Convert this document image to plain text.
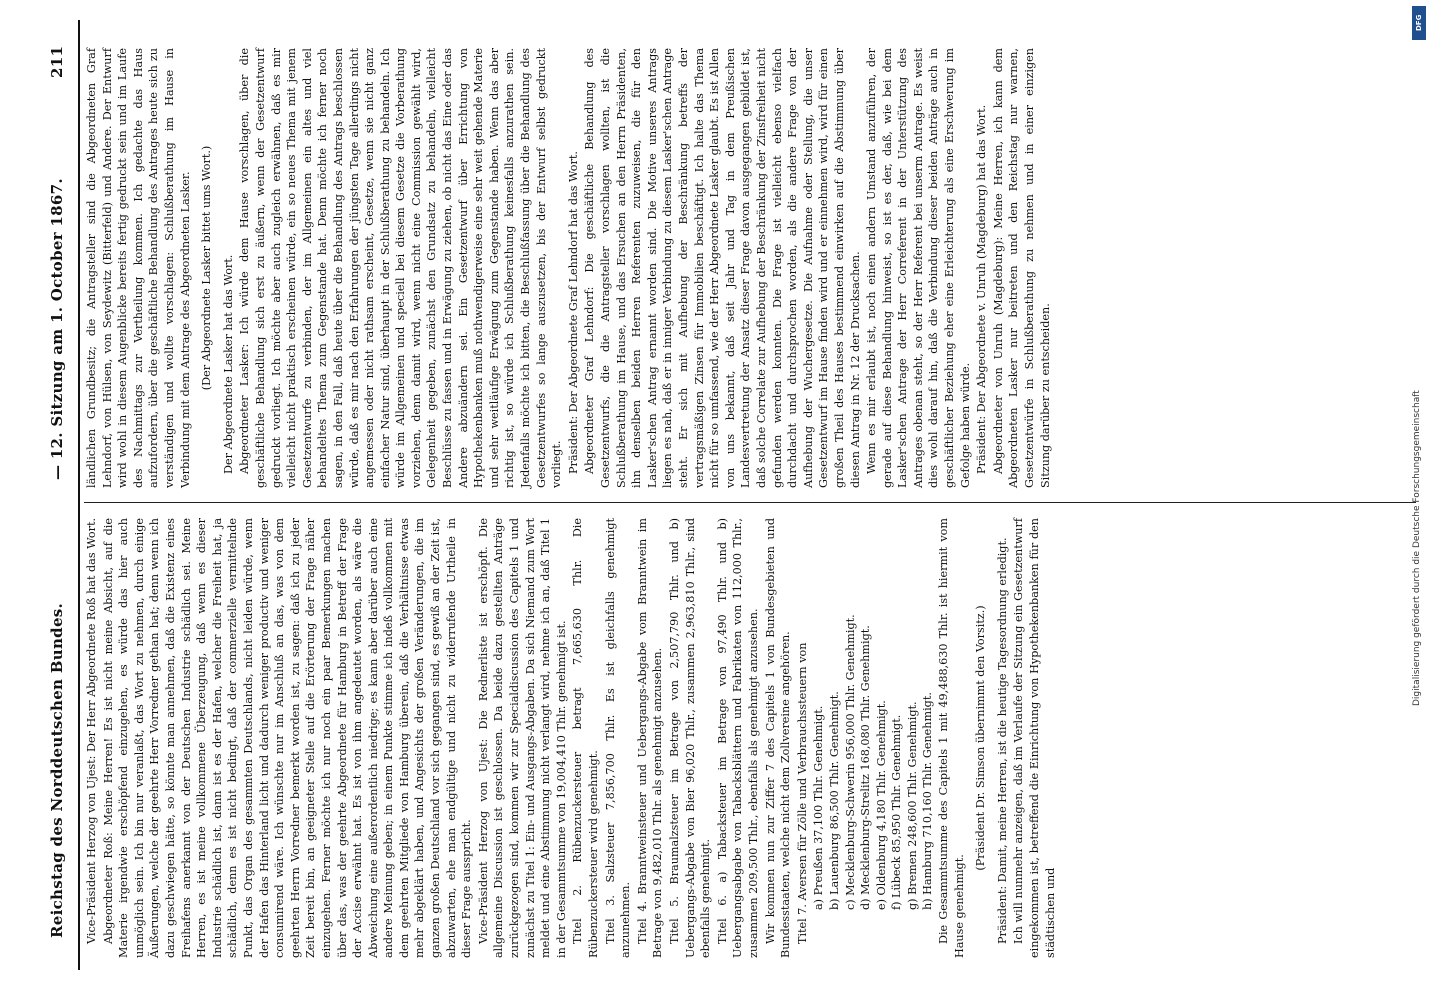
Reichstag des Norddeutschen Bundes.
— 12. Sitzung am 1. October 1867.
211

Vice-Präsident Herzog von Ujest: Der Herr Abgeordnete Roß hat das Wort. Abgeordneter Roß: Meine Herren! Es ist nicht meine Absicht, auf die Materie irgendwie erschöpfend einzugehen, es würde das hier auch unmöglich sein. Ich bin nur veranlaßt, das Wort zu nehmen, durch einige Äußerungen, welche der geehrte Herr Vorredner gethan hat; denn wenn ich dazu geschwiegen hätte, so könnte man annehmen, daß die Existenz eines Freihafens anerkannt von der Deutschen Industrie schädlich sei. Meine Herren, es ist meine vollkommene Überzeugung, daß wenn es dieser Industrie schädlich ist, dann ist es der Hafen, welcher die Freiheit hat, ja schädlich, denn es ist nicht bedingt, daß der commerzielle vermittelnde Punkt, das Organ des gesammten Deutschlands, nicht leiden würde, wenn der Hafen das Hinterland licht und dadurch weniger productiv und weniger consumirend wäre. Ich wünschte nur im Anschluß an das, was von dem geehrten Herrn Vorredner bemerkt worden ist, zu sagen: daß ich zu jeder Zeit bereit bin, an geeigneter Stelle auf die Erörterung der Frage näher einzugehen. Ferner möchte ich nur noch ein paar Bemerkungen machen über das, was der geehrte Abgeordnete für Hamburg in Betreff der Frage der Accise erwähnt hat. Es ist von ihm angedeutet worden, als wäre die Abweichung eine außerordentlich niedrige; es kann aber darüber auch eine andere Meinung geben; in einem Punkte stimme ich indeß vollkommen mit dem geehrten Mitgliede von Hamburg überein, daß die Verhältnisse etwas mehr abgeklärt haben, und Angesichts der großen Veränderungen, die im ganzen großen Deutschland vor sich gegangen sind, es gewiß an der Zeit ist, abzuwarten, ehe man endgültige und nicht zu widerrufende Urtheile in dieser Frage ausspricht. Vice-Präsident Herzog von Ujest: Die Rednerliste ist erschöpft. Die allgemeine Discussion ist geschlossen. Da beide dazu gestellten Anträge zurückgezogen sind, kommen wir zur Specialdiscussion des Capitels 1 und zunächst zu Titel 1: Ein- und Ausgangs-Abgaben. Da sich Niemand zum Wort meldet und eine Abstimmung nicht verlangt wird, nehme ich an, daß Titel 1 in der Gesammtsumme von 19,004,410 Thlr. genehmigt ist. Titel 2. Rübenzuckersteuer betragt 7,665,630 Thlr. Die Rübenzuckersteuer wird genehmigt. Titel 3. Salzsteuer 7,856,700 Thlr. Es ist gleichfalls genehmigt anzunehmen. Titel 4. Branntweinsteuer und Uebergangs-Abgabe vom Branntwein im Betrage von 9,482,010 Thlr. als genehmigt anzusehen. Titel 5. Braumalzsteuer im Betrage von 2,507,790 Thlr. und b) Uebergangs-Abgabe von Bier 96,020 Thlr., zusammen 2,963,810 Thlr., sind ebenfalls genehmigt. Titel 6. a) Tabacksteuer im Betrage von 97,490 Thlr. und b) Uebergangsabgabe von Tabacksblättern und Fabrikaten von 112,000 Thlr., zusammen 209,500 Thlr., ebenfalls als genehmigt anzusehen. Wir kommen nun zur Ziffer 7 des Capitels 1 von Bundesgebieten und Bundesstaaten, welche nicht dem Zollvereine angehören. Titel 7. Aversen für Zölle und Verbrauchssteuern von a) Preußen 37,100 Thlr. Genehmigt. b) Lauenburg 86,500 Thlr. Genehmigt. c) Mecklenburg-Schwerin 956,000 Thlr. Genehmigt. d) Mecklenburg-Strelitz 168,080 Thlr. Genehmigt. e) Oldenburg 4,180 Thlr. Genehmigt. f) Lübeck 85,950 Thlr. Genehmigt. g) Bremen 248,600 Thlr. Genehmigt. h) Hamburg 710,160 Thlr. Genehmigt. Die Gesammtsumme des Capitels 1 mit 49,488,630 Thlr. ist hiermit vom Hause genehmigt.

(Präsident Dr. Simson übernimmt den Vorsitz.) Präsident: Damit, meine Herren, ist die heutige Tagesordnung erledigt. Ich will nunmehr anzeigen, daß im Verlaufe der Sitzung ein Gesetzentwurf eingekommen ist, betreffend die Einrichtung von Hypothekenbanken für den städtischen und

ländlichen Grundbesitz; die Antragsteller sind die Abgeordneten Graf Lehndorf, von Hülsen, von Seydewitz (Bitterfeld) und Andere. Der Entwurf wird wohl in diesem Augenblicke bereits fertig gedruckt sein und im Laufe des Nachmittags zur Vertheilung kommen. Ich gedachte das Haus aufzufordern, über die geschäftliche Behandlung des Antrages heute sich zu verständigen und wollte vorschlagen: Schlußberathung im Hause in Verbindung mit dem Antrage des Abgeordneten Lasker. (Der Abgeordnete Lasker bittet ums Wort.) Der Abgeordnete Lasker hat das Wort. Abgeordneter Lasker: Ich würde dem Hause vorschlagen, über die geschäftliche Behandlung sich erst zu äußern, wenn der Gesetzentwurf gedruckt vorliegt. Ich möchte aber auch zugleich erwähnen, daß es mir vielleicht nicht praktisch erscheinen würde, ein so neues Thema mit jenem Gesetzentwurfe zu verbinden, der im Allgemeinen ein altes und viel behandeltes Thema zum Gegenstande hat. Denn möchte ich ferner noch sagen, in den Fall, daß heute über die Behandlung des Antrags beschlossen würde, daß es mir nach den Erfahrungen der jüngsten Tage allerdings nicht angemessen oder nicht rathsam erscheint, Gesetze, wenn sie nicht ganz einfacher Natur sind, überhaupt in der Schlußberathung zu behandeln. Ich würde im Allgemeinen und speciell bei diesem Gesetze die Vorberathung vorziehen, denn damit wird, wenn nicht eine Commission gewählt wird, Gelegenheit gegeben, zunächst den Grundsatz zu behandeln, vielleicht Beschlüsse zu fassen und in Erwägung zu ziehen, ob nicht das Eine oder das Andere abzuändern sei. Ein Gesetzentwurf über Errichtung von Hypothekenbanken muß nothwendigerweise eine sehr weit gehende Materie und sehr weitläufige Erwägung zum Gegenstande haben. Wenn das aber richtig ist, so würde ich Schlußberathung keinesfalls anzurathen sein. Jedenfalls möchte ich bitten, die Beschlußfassung über die Behandlung des Gesetzentwurfes so lange auszusetzen, bis der Entwurf selbst gedruckt vorliegt. Präsident: Der Abgeordnete Graf Lehndorf hat das Wort. Abgeordneter Graf Lehndorf: Die geschäftliche Behandlung des Gesetzentwurfs, die die Antragsteller vorschlagen wollten, ist die Schlußberathung im Hause, und das Ersuchen an den Herrn Präsidenten, ihn denselben beiden Herren Referenten zuzuweisen, die für den Lasker'schen Antrag ernannt worden sind. Die Motive unseres Antrags liegen es nah, daß er in inniger Verbindung zu diesem Lasker'schen Antrage steht. Er sich mit Aufhebung der Beschränkung betreffs der vertragsmäßigen Zinsen für Immobilien beschäftigt. Ich halte das Thema nicht für so umfassend, wie der Herr Abgeordnete Lasker glaubt. Es ist Allen von uns bekannt, daß seit Jahr und Tag in dem Preußischen Landesvertretung der Ansatz dieser Frage davon ausgegangen gebildet ist, daß solche Correlate zur Aufhebung der Beschränkung der Zinsfreiheit nicht gefunden werden konnten. Die Frage ist vielleicht ebenso vielfach durchdacht und durchsprochen worden, als die andere Frage von der Aufhebung der Wuchergesetze. Die Aufnahme oder Stellung, die unser Gesetzentwurf im Hause finden wird und er einnehmen wird, wird für einen großen Theil des Hauses bestimmend einwirken auf die Abstimmung über diesen Antrag in Nr. 12 der Drucksachen. Wenn es mir erlaubt ist, noch einen andern Umstand anzuführen, der gerade auf diese Behandlung hinweist, so ist es der, daß, wie bei dem Lasker'schen Antrage der Herr Correferent in der Unterstützung des Antrages obenan steht, so der Herr Referent bei unserm Antrage. Es weist dies wohl darauf hin, daß die Verbindung dieser beiden Anträge auch in geschäftlicher Beziehung eher eine Erleichterung als eine Erschwerung im Gefolge haben würde. Präsident: Der Abgeordnete v. Unruh (Magdeburg) hat das Wort. Abgeordneter von Unruh (Magdeburg): Meine Herren, ich kann dem Abgeordneten Lasker nur beitreten und den Reichstag nur warnen, Gesetzentwürfe in Schlußberathung zu nehmen und in einer einzigen Sitzung darüber zu entscheiden.

DFG
Digitalisierung gefördert durch die Deutsche Forschungsgemeinschaft
